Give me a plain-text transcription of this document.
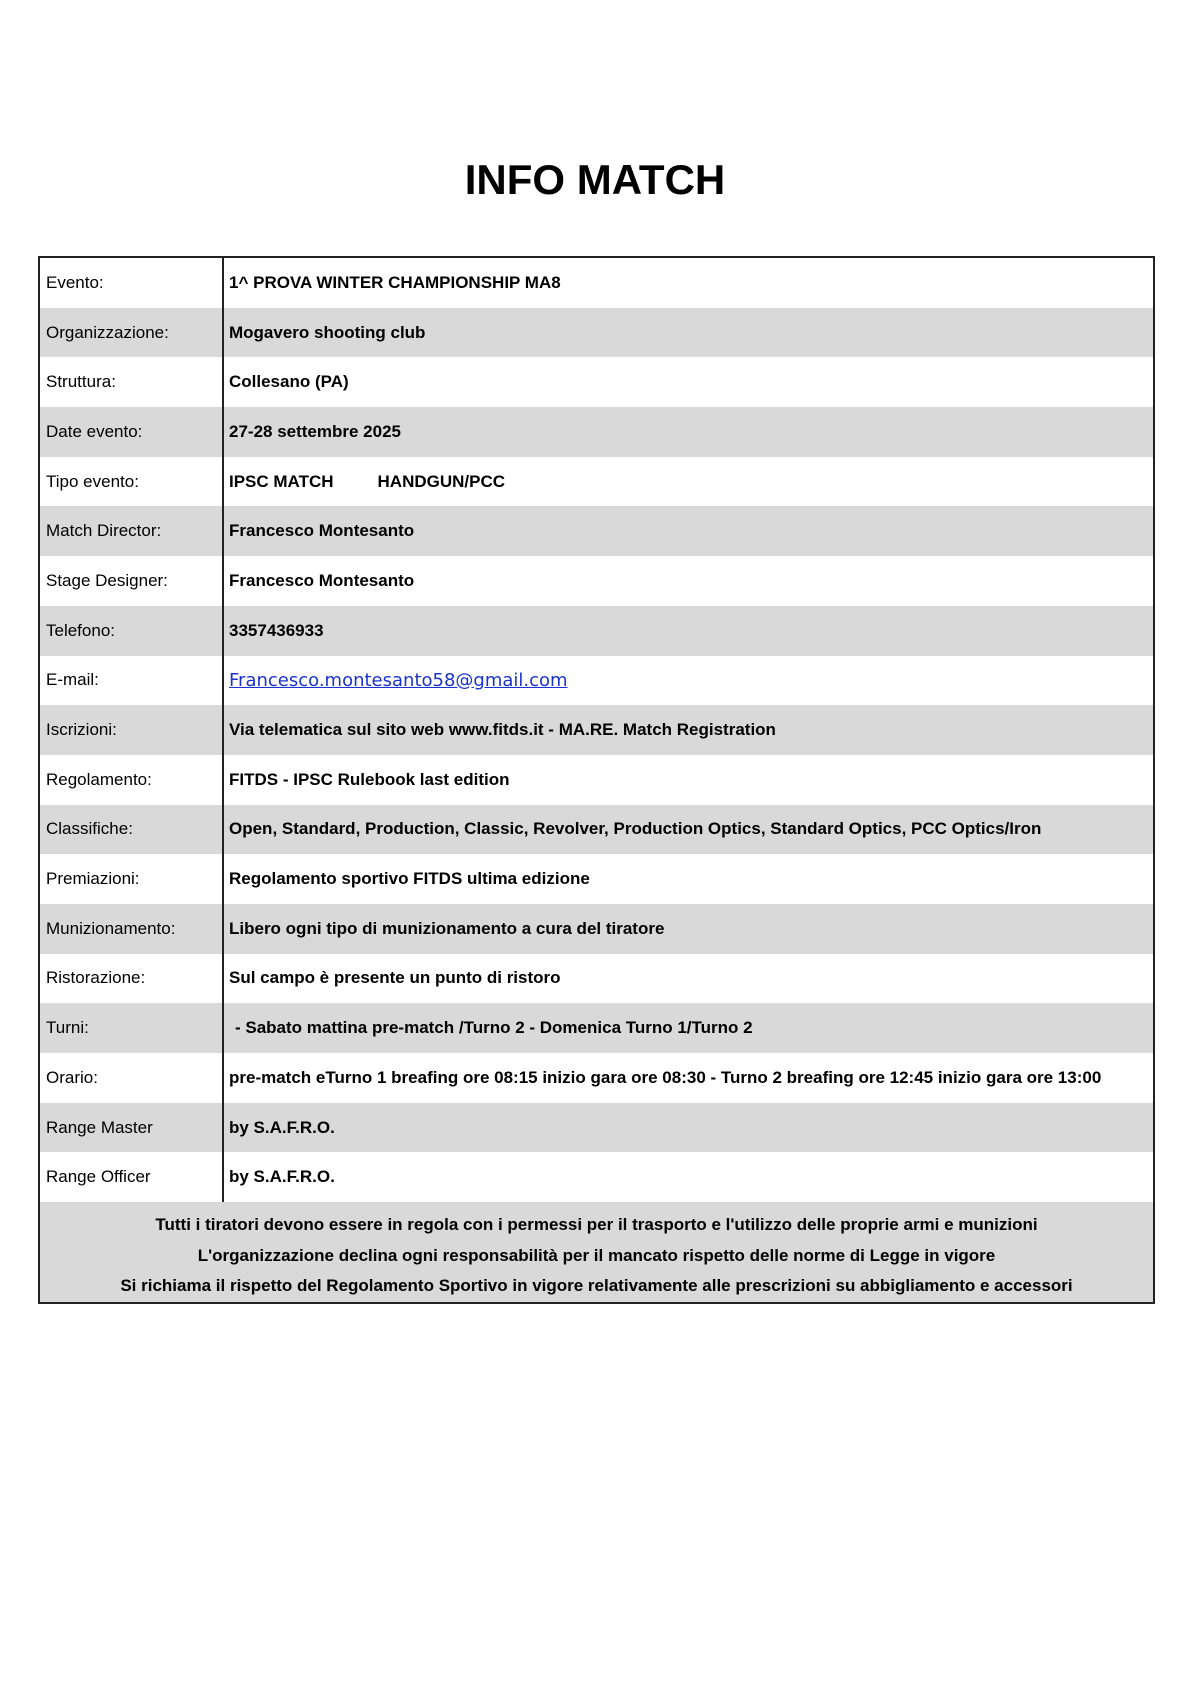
INFO MATCH
Evento:	1^ PROVA WINTER CHAMPIONSHIP MA8
Organizzazione:	Mogavero shooting club
Struttura:	Collesano (PA)
Date evento:	27-28 settembre 2025
Tipo evento:	IPSC MATCH HANDGUN/PCC
Match Director:	Francesco Montesanto
Stage Designer:	Francesco Montesanto
Telefono:	3357436933
E-mail:	Francesco.montesanto58@gmail.com
Iscrizioni:	Via telematica sul sito web www.fitds.it - MA.RE. Match Registration
Regolamento:	FITDS - IPSC Rulebook last edition
Classifiche:	Open, Standard, Production, Classic, Revolver, Production Optics, Standard Optics, PCC Optics/Iron
Premiazioni:	Regolamento sportivo FITDS ultima edizione
Munizionamento:	Libero ogni tipo di munizionamento a cura del tiratore
Ristorazione:	Sul campo è presente un punto di ristoro
Turni:	- Sabato mattina pre-match /Turno 2 - Domenica Turno 1/Turno 2
Orario:	pre-match eTurno 1 breafing ore 08:15 inizio gara ore 08:30 - Turno 2 breafing ore 12:45 inizio gara ore 13:00
Range Master	by S.A.F.R.O.
Range Officer	by S.A.F.R.O.

Tutti i tiratori devono essere in regola con i permessi per il trasporto e l'utilizzo delle proprie armi e munizioni
L'organizzazione declina ogni responsabilità per il mancato rispetto delle norme di Legge in vigore
Si richiama il rispetto del Regolamento Sportivo in vigore relativamente alle prescrizioni su abbigliamento e accessori	
